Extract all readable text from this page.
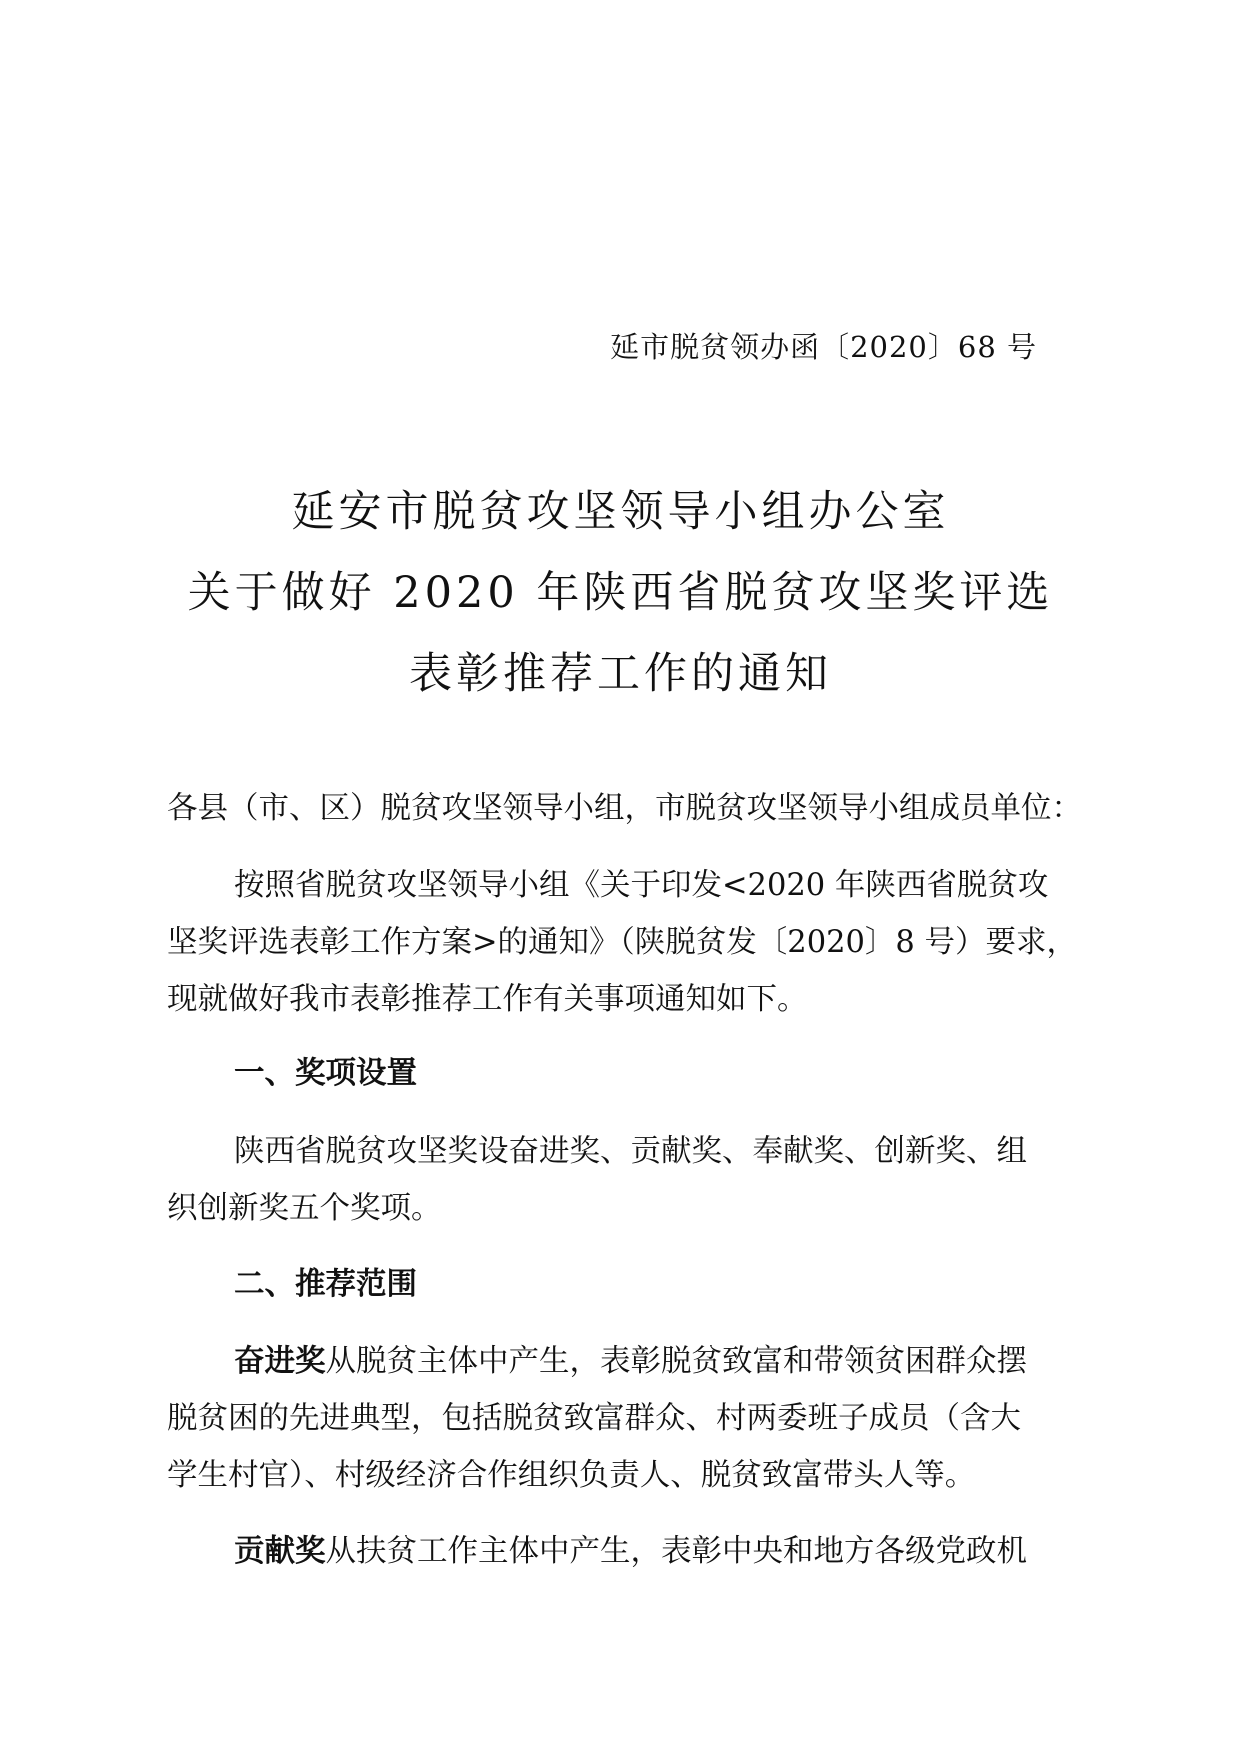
延市脱贫领办函〔2020〕68 号
延安市脱贫攻坚领导小组办公室
关于做好 2020 年陕西省脱贫攻坚奖评选
表彰推荐工作的通知
各县（市、区）脱贫攻坚领导小组，市脱贫攻坚领导小组成员单位：
按照省脱贫攻坚领导小组《关于印发<2020 年陕西省脱贫攻
坚奖评选表彰工作方案>的通知》（陕脱贫发〔2020〕8 号）要求，
现就做好我市表彰推荐工作有关事项通知如下。
一、奖项设置
陕西省脱贫攻坚奖设奋进奖、贡献奖、奉献奖、创新奖、组
织创新奖五个奖项。
二、推荐范围
奋进奖从脱贫主体中产生，表彰脱贫致富和带领贫困群众摆
脱贫困的先进典型，包括脱贫致富群众、村两委班子成员（含大
学生村官）、村级经济合作组织负责人、脱贫致富带头人等。
贡献奖从扶贫工作主体中产生，表彰中央和地方各级党政机
